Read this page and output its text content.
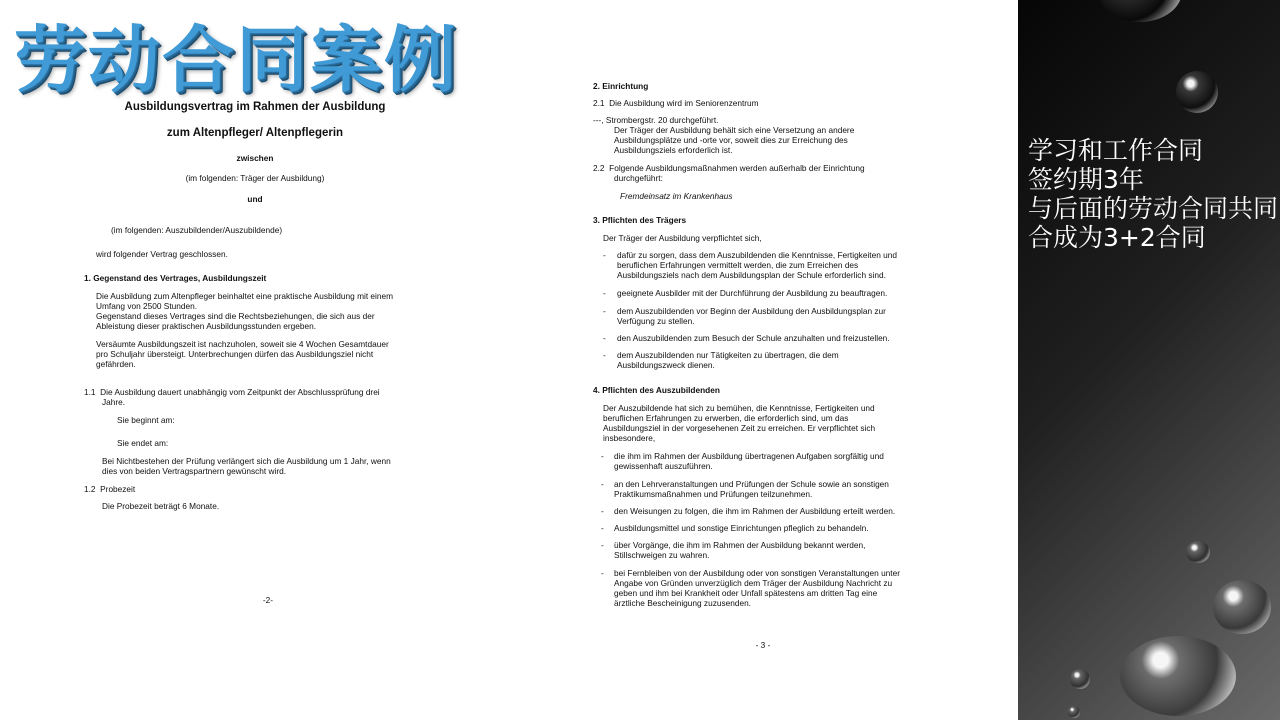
劳动合同案例
Ausbildungsvertrag im Rahmen der Ausbildung
zum Altenpfleger/ Altenpflegerin
zwischen
(im folgenden: Träger der Ausbildung)
und
(im folgenden: Auszubildender/Auszubildende)
wird folgender Vertrag geschlossen.
1. Gegenstand des Vertrages, Ausbildungszeit
Die Ausbildung zum Altenpfleger beinhaltet eine praktische Ausbildung mit einem
Umfang von 2500 Stunden.
Gegenstand dieses Vertrages sind die Rechtsbeziehungen, die sich aus der
Ableistung dieser praktischen Ausbildungsstunden ergeben.
Versäumte Ausbildungszeit ist nachzuholen, soweit sie 4 Wochen Gesamtdauer
pro Schuljahr übersteigt. Unterbrechungen dürfen das Ausbildungsziel nicht
gefährden.
1.1  Die Ausbildung dauert unabhängig vom Zeitpunkt der Abschlussprüfung drei
Jahre.
Sie beginnt am:
Sie endet am:
Bei Nichtbestehen der Prüfung verlängert sich die Ausbildung um 1 Jahr, wenn
dies von beiden Vertragspartnern gewünscht wird.
1.2  Probezeit
Die Probezeit beträgt 6 Monate.
-2-
2. Einrichtung
2.1  Die Ausbildung wird im Seniorenzentrum
---, Strombergstr. 20 durchgeführt.
Der Träger der Ausbildung behält sich eine Versetzung an andere
Ausbildungsplätze und -orte vor, soweit dies zur Erreichung des
Ausbildungsziels erforderlich ist.
2.2  Folgende Ausbildungsmaßnahmen werden außerhalb der Einrichtung
durchgeführt:
Fremdeinsatz im Krankenhaus
3. Pflichten des Trägers
Der Träger der Ausbildung verpflichtet sich,
- dafür zu sorgen, dass dem Auszubildenden die Kenntnisse, Fertigkeiten und
beruflichen Erfahrungen vermittelt werden, die zum Erreichen des
Ausbildungsziels nach dem Ausbildungsplan der Schule erforderlich sind.
- geeignete Ausbilder mit der Durchführung der Ausbildung zu beauftragen.
- dem Auszubildenden vor Beginn der Ausbildung den Ausbildungsplan zur
Verfügung zu stellen.
- den Auszubildenden zum Besuch der Schule anzuhalten und freizustellen.
- dem Auszubildenden nur Tätigkeiten zu übertragen, die dem
Ausbildungszweck dienen.
4. Pflichten des Auszubildenden
Der Auszubildende hat sich zu bemühen, die Kenntnisse, Fertigkeiten und
beruflichen Erfahrungen zu erwerben, die erforderlich sind, um das
Ausbildungsziel in der vorgesehenen Zeit zu erreichen. Er verpflichtet sich
insbesondere,
- die ihm im Rahmen der Ausbildung übertragenen Aufgaben sorgfältig und
gewissenhaft auszuführen.
- an den Lehrveranstaltungen und Prüfungen der Schule sowie an sonstigen
Praktikumsmaßnahmen und Prüfungen teilzunehmen.
- den Weisungen zu folgen, die ihm im Rahmen der Ausbildung erteilt werden.
- Ausbildungsmittel und sonstige Einrichtungen pfleglich zu behandeln.
- über Vorgänge, die ihm im Rahmen der Ausbildung bekannt werden,
Stillschweigen zu wahren.
- bei Fernbleiben von der Ausbildung oder von sonstigen Veranstaltungen unter
Angabe von Gründen unverzüglich dem Träger der Ausbildung Nachricht zu
geben und ihm bei Krankheit oder Unfall spätestens am dritten Tag eine
ärztliche Bescheinigung zuzusenden.
- 3 -
学习和工作合同
签约期3年
与后面的劳动合同共同
合成为3+2合同
